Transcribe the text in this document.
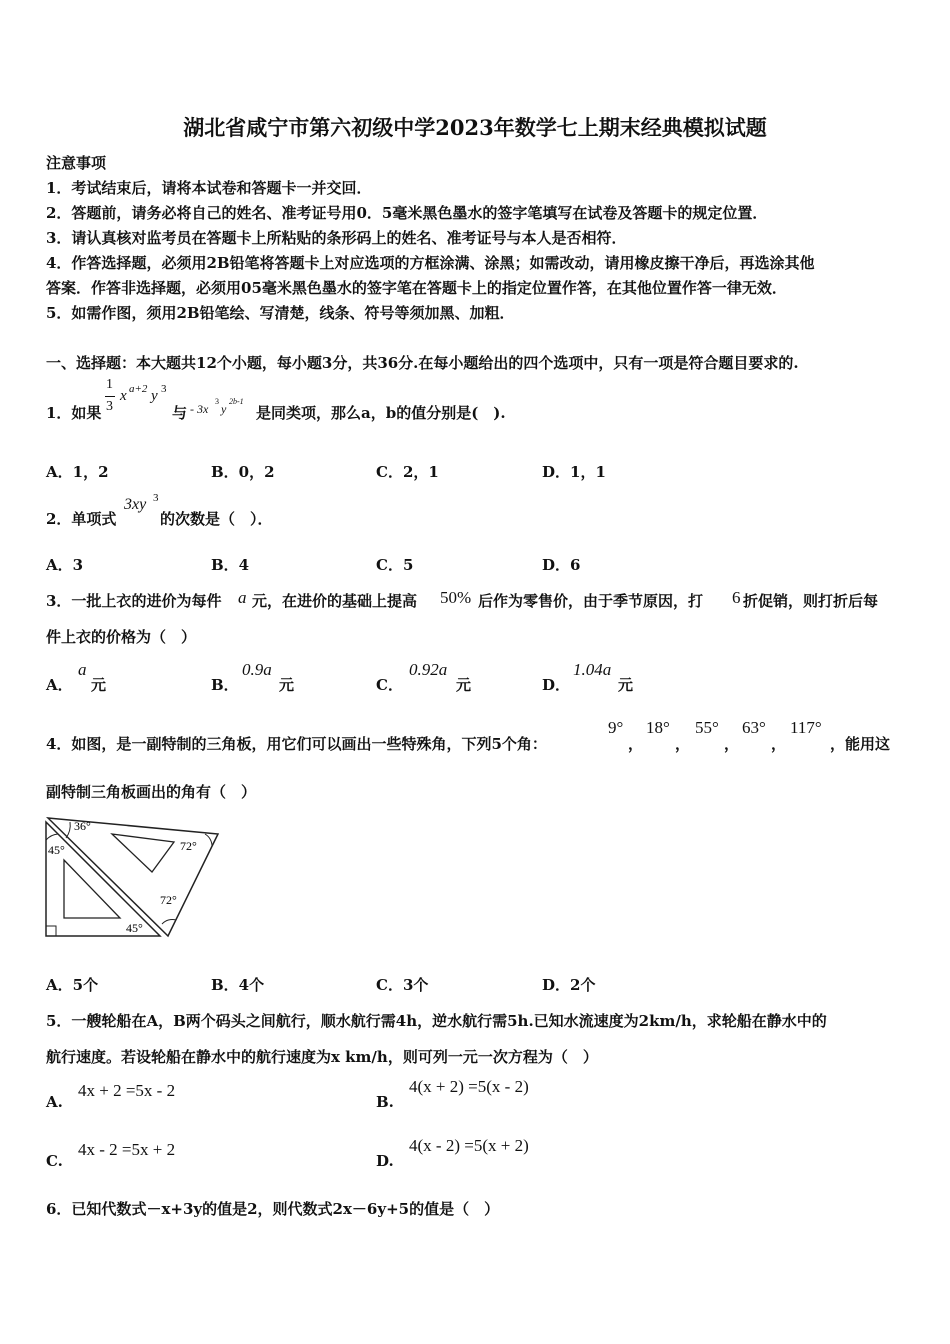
湖北省咸宁市第六初级中学2023年数学七上期末经典模拟试题
注意事项
1．考试结束后，请将本试卷和答题卡一并交回．
2．答题前，请务必将自己的姓名、准考证号用0．5毫米黑色墨水的签字笔填写在试卷及答题卡的规定位置．
3．请认真核对监考员在答题卡上所粘贴的条形码上的姓名、准考证号与本人是否相符．
4．作答选择题，必须用2B铅笔将答题卡上对应选项的方框涂满、涂黑；如需改动，请用橡皮擦干净后，再选涂其他
答案．作答非选择题，必须用05毫米黑色墨水的签字笔在答题卡上的指定位置作答，在其他位置作答一律无效．
5．如需作图，须用2B铅笔绘、写清楚，线条、符号等须加黑、加粗．
一、选择题：本大题共12个小题，每小题3分，共36分.在每小题给出的四个选项中，只有一项是符合题目要求的.
1．如果
1
3
x a+2 y 3
与 - 3x
3
y
2b-1
是同类项，那么a，b的值分别是(　).
A．1，2	B．0，2	C．2，1	D．1，1
2．单项式
3xy 3
的次数是（　）．
A．3	B．4	C．5	D．6
3．一批上衣的进价为每件 a 元，在进价的基础上提高 50% 后作为零售价，由于季节原因，打 6 折促销，则打折后每
件上衣的价格为（　）
A．
a
元	B．
0.9a
元	C．
0.92a
元	D．
1.04a
元
4．如图，是一副特制的三角板，用它们可以画出一些特殊角，下列5个角：
9°
，
18°
，
55°
，
63°
，
117°
，能用这
副特制三角板画出的角有（　）
36°
45°	72°
72°
45°
A．5个	B．4个	C．3个	D．2个
5．一艘轮船在A，B两个码头之间航行，顺水航行需4h，逆水航行需5h.已知水流速度为2km/h，求轮船在静水中的
航行速度。若设轮船在静水中的航行速度为x km/h，则可列一元一次方程为（　）
A.
4x + 2 =5x - 2
B.
4(x + 2) =5(x - 2)
C.
4x - 2 =5x + 2
D.
4(x - 2) =5(x + 2)
6．已知代数式－x+3y的值是2，则代数式2x－6y+5的值是（　）
